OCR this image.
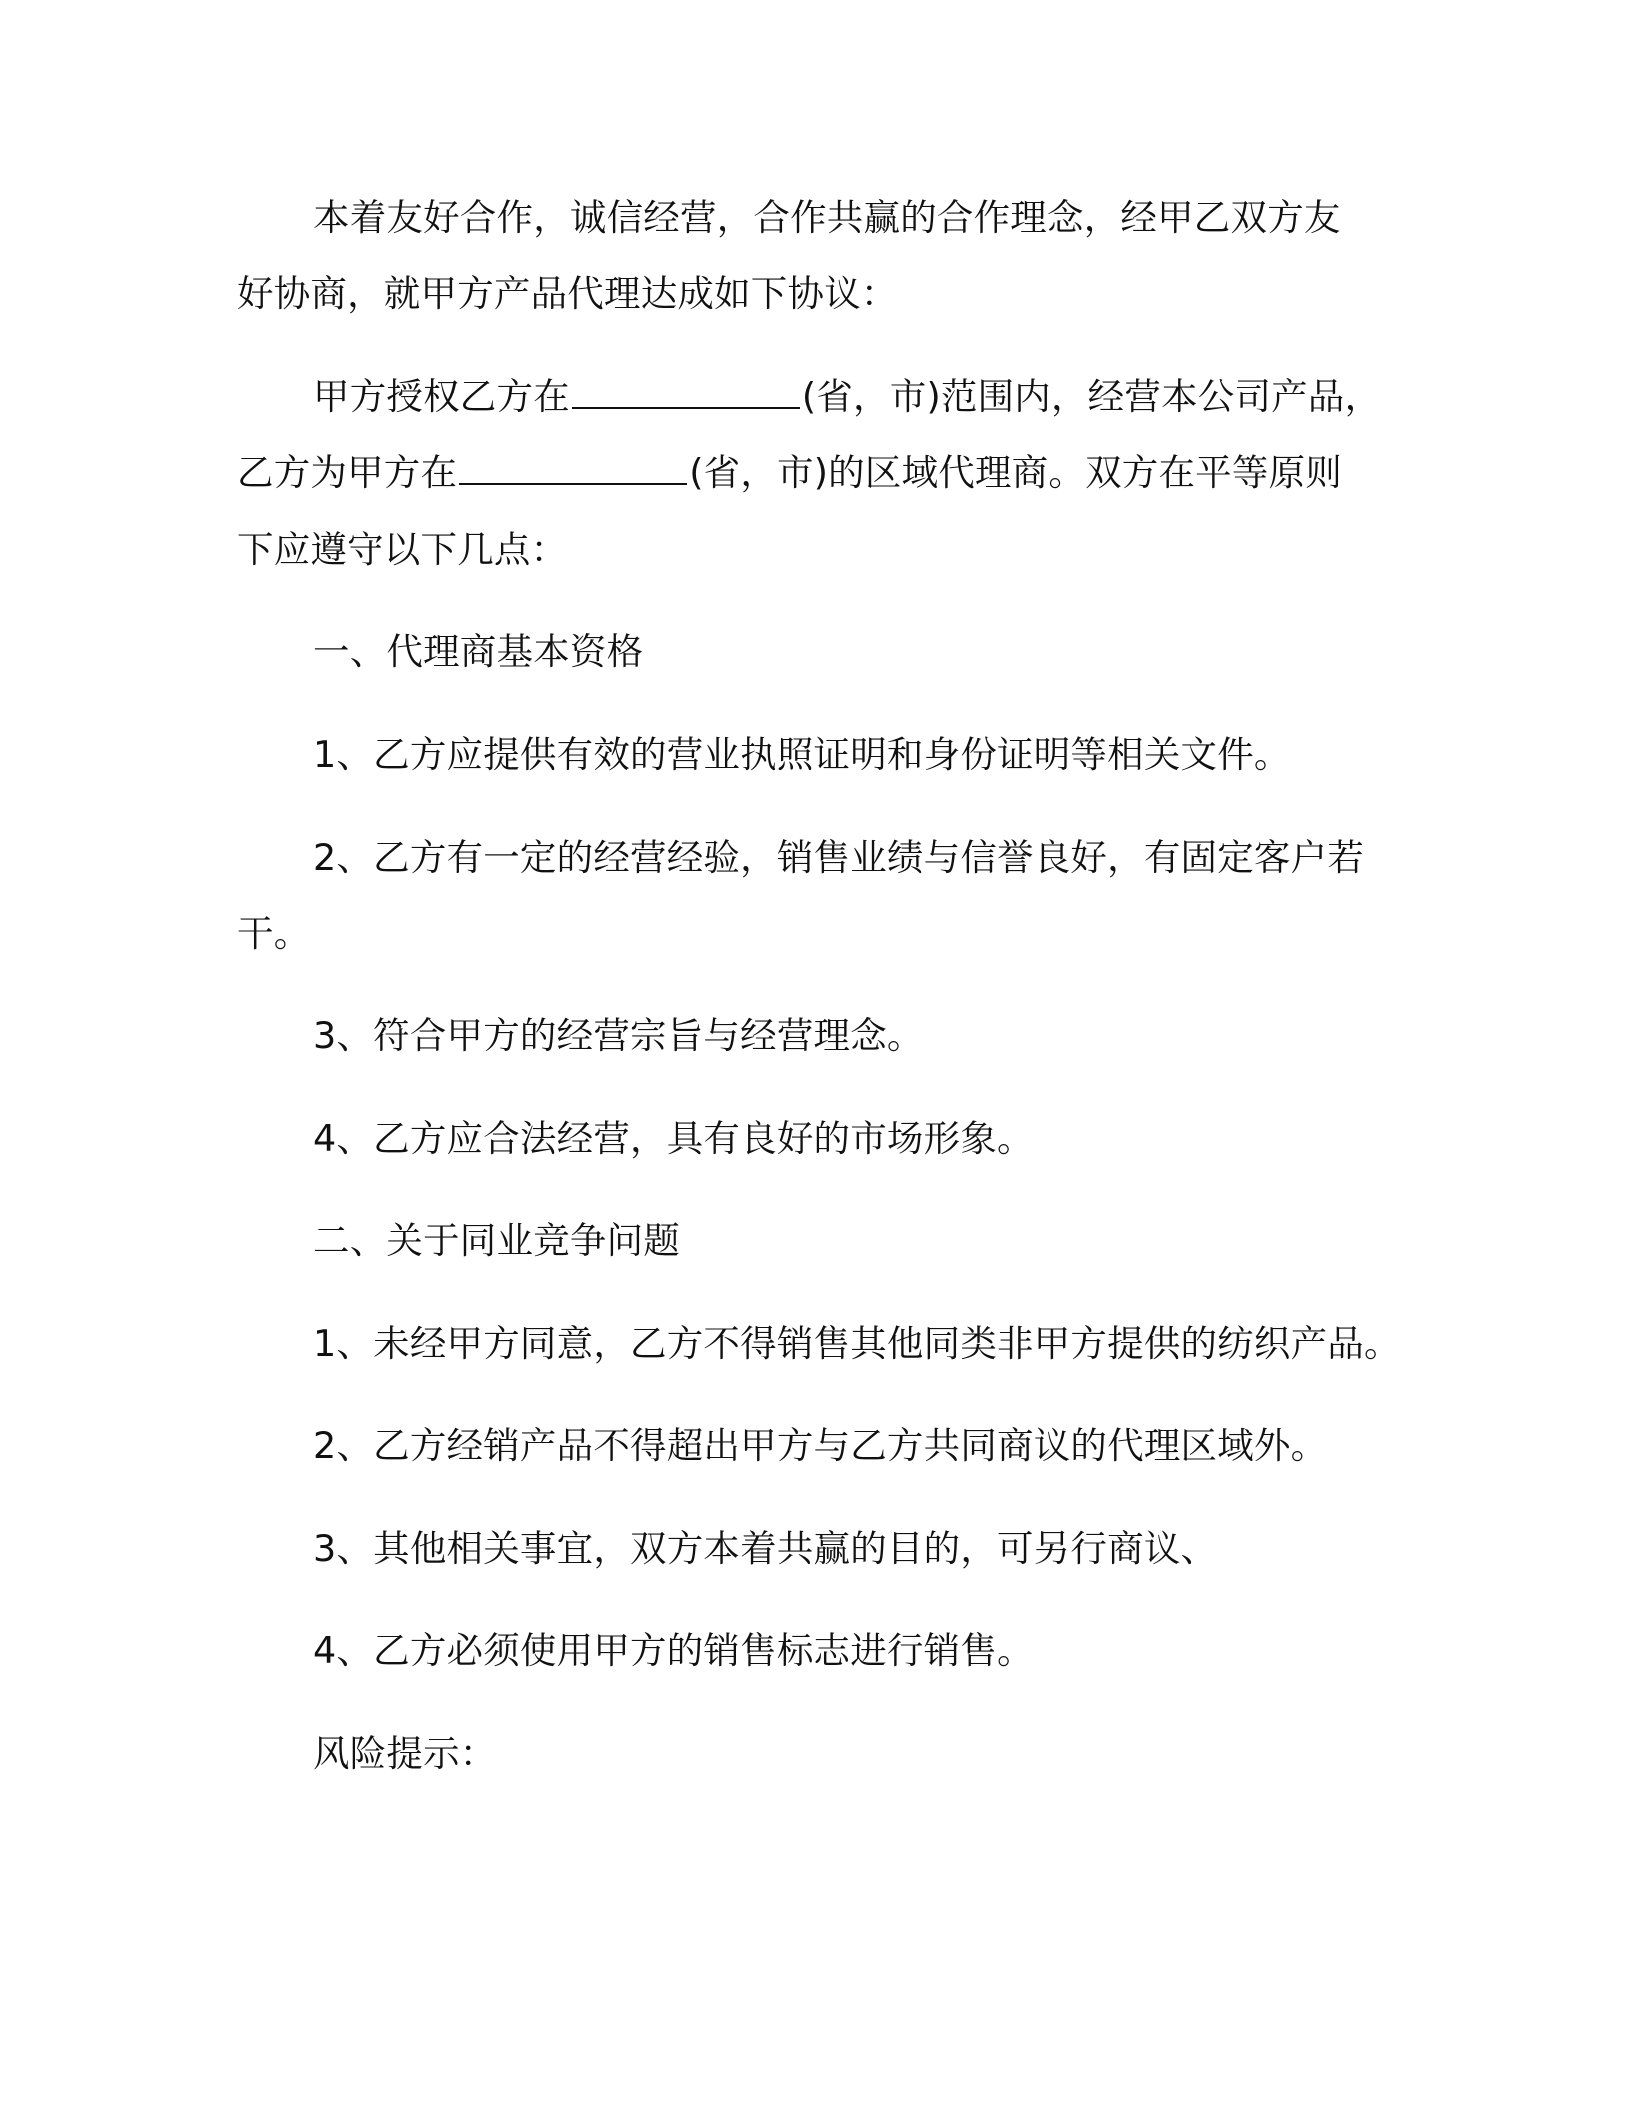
本着友好合作，诚信经营，合作共赢的合作理念，经甲乙双方友
好协商，就甲方产品代理达成如下协议：
甲方授权乙方在	(省，市)范围内，经营本公司产品，
乙方为甲方在	(省，市)的区域代理商。双方在平等原则
下应遵守以下几点：
一、代理商基本资格
1、乙方应提供有效的营业执照证明和身份证明等相关文件。
2、乙方有一定的经营经验，销售业绩与信誉良好，有固定客户若
干。
3、符合甲方的经营宗旨与经营理念。
4、乙方应合法经营，具有良好的市场形象。
二、关于同业竞争问题
1、未经甲方同意，乙方不得销售其他同类非甲方提供的纺织产品。
2、乙方经销产品不得超出甲方与乙方共同商议的代理区域外。
3、其他相关事宜，双方本着共赢的目的，可另行商议、
4、乙方必须使用甲方的销售标志进行销售。
风险提示：
